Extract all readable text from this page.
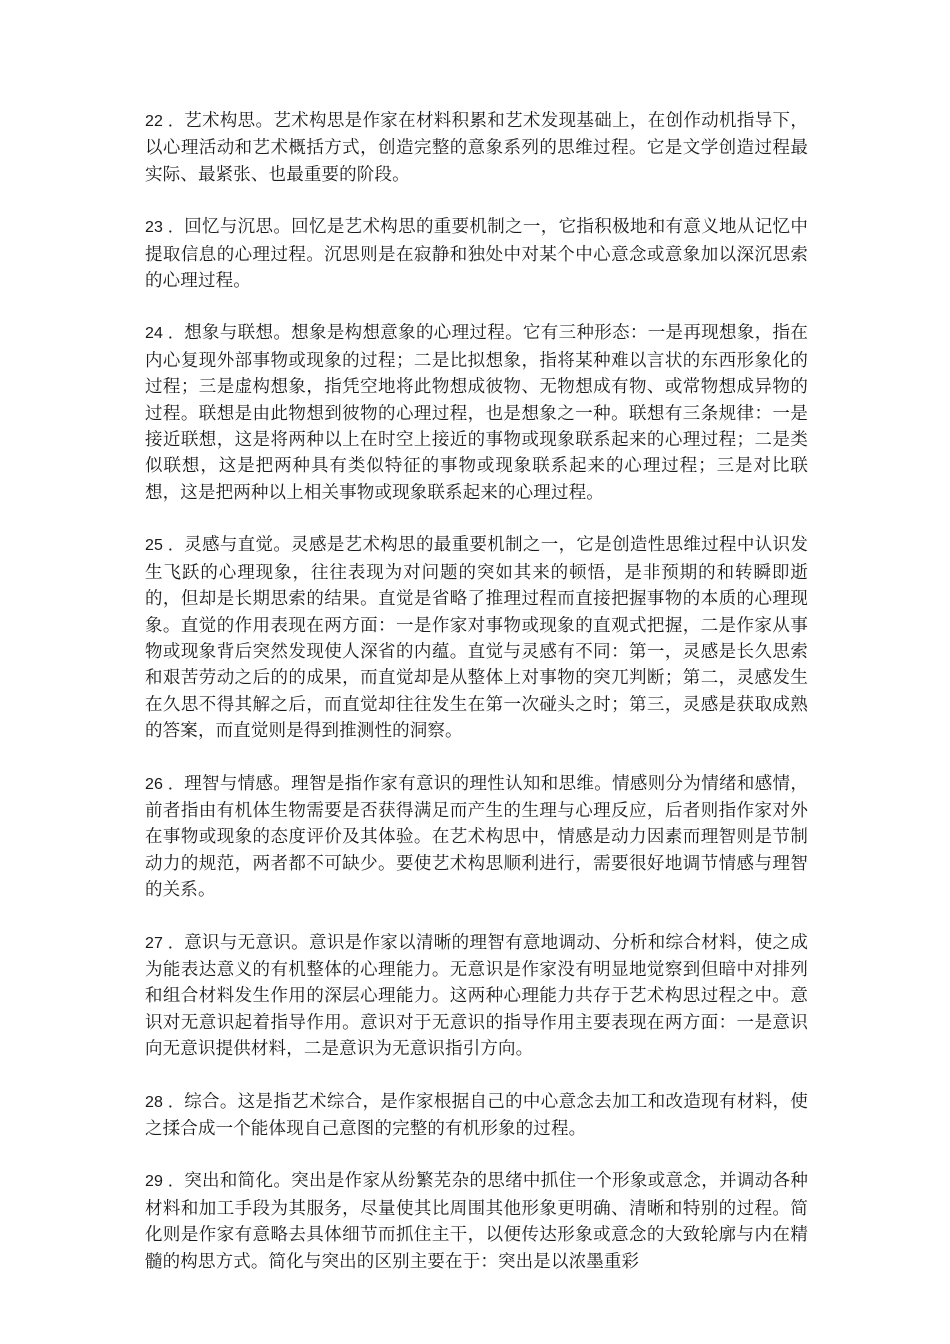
22 ．艺术构思。艺术构思是作家在材料积累和艺术发现基础上，在创作动机指导下，以心理活动和艺术概括方式，创造完整的意象系列的思维过程。它是文学创造过程最实际、最紧张、也最重要的阶段。

23 ．回忆与沉思。回忆是艺术构思的重要机制之一，它指积极地和有意义地从记忆中提取信息的心理过程。沉思则是在寂静和独处中对某个中心意念或意象加以深沉思索的心理过程。

24 ．想象与联想。想象是构想意象的心理过程。它有三种形态：一是再现想象，指在内心复现外部事物或现象的过程；二是比拟想象，指将某种难以言状的东西形象化的过程；三是虚构想象，指凭空地将此物想成彼物、无物想成有物、或常物想成异物的过程。联想是由此物想到彼物的心理过程，也是想象之一种。联想有三条规律：一是接近联想，这是将两种以上在时空上接近的事物或现象联系起来的心理过程；二是类似联想，这是把两种具有类似特征的事物或现象联系起来的心理过程；三是对比联想，这是把两种以上相关事物或现象联系起来的心理过程。

25 ．灵感与直觉。灵感是艺术构思的最重要机制之一，它是创造性思维过程中认识发生飞跃的心理现象，往往表现为对问题的突如其来的顿悟，是非预期的和转瞬即逝的，但却是长期思索的结果。直觉是省略了推理过程而直接把握事物的本质的心理现象。直觉的作用表现在两方面：一是作家对事物或现象的直观式把握，二是作家从事物或现象背后突然发现使人深省的内蕴。直觉与灵感有不同：第一，灵感是长久思索和艰苦劳动之后的的成果，而直觉却是从整体上对事物的突兀判断；第二，灵感发生在久思不得其解之后，而直觉却往往发生在第一次碰头之时；第三，灵感是获取成熟的答案，而直觉则是得到推测性的洞察。

26 ．理智与情感。理智是指作家有意识的理性认知和思维。情感则分为情绪和感情，前者指由有机体生物需要是否获得满足而产生的生理与心理反应，后者则指作家对外在事物或现象的态度评价及其体验。在艺术构思中，情感是动力因素而理智则是节制动力的规范，两者都不可缺少。要使艺术构思顺利进行，需要很好地调节情感与理智的关系。

27 ．意识与无意识。意识是作家以清晰的理智有意地调动、分析和综合材料，使之成为能表达意义的有机整体的心理能力。无意识是作家没有明显地觉察到但暗中对排列和组合材料发生作用的深层心理能力。这两种心理能力共存于艺术构思过程之中。意识对无意识起着指导作用。意识对于无意识的指导作用主要表现在两方面：一是意识向无意识提供材料，二是意识为无意识指引方向。

28 ．综合。这是指艺术综合，是作家根据自己的中心意念去加工和改造现有材料，使之揉合成一个能体现自己意图的完整的有机形象的过程。

29 ．突出和简化。突出是作家从纷繁芜杂的思绪中抓住一个形象或意念，并调动各种材料和加工手段为其服务，尽量使其比周围其他形象更明确、清晰和特别的过程。简化则是作家有意略去具体细节而抓住主干，以便传达形象或意念的大致轮廓与内在精髓的构思方式。简化与突出的区别主要在于：突出是以浓墨重彩
